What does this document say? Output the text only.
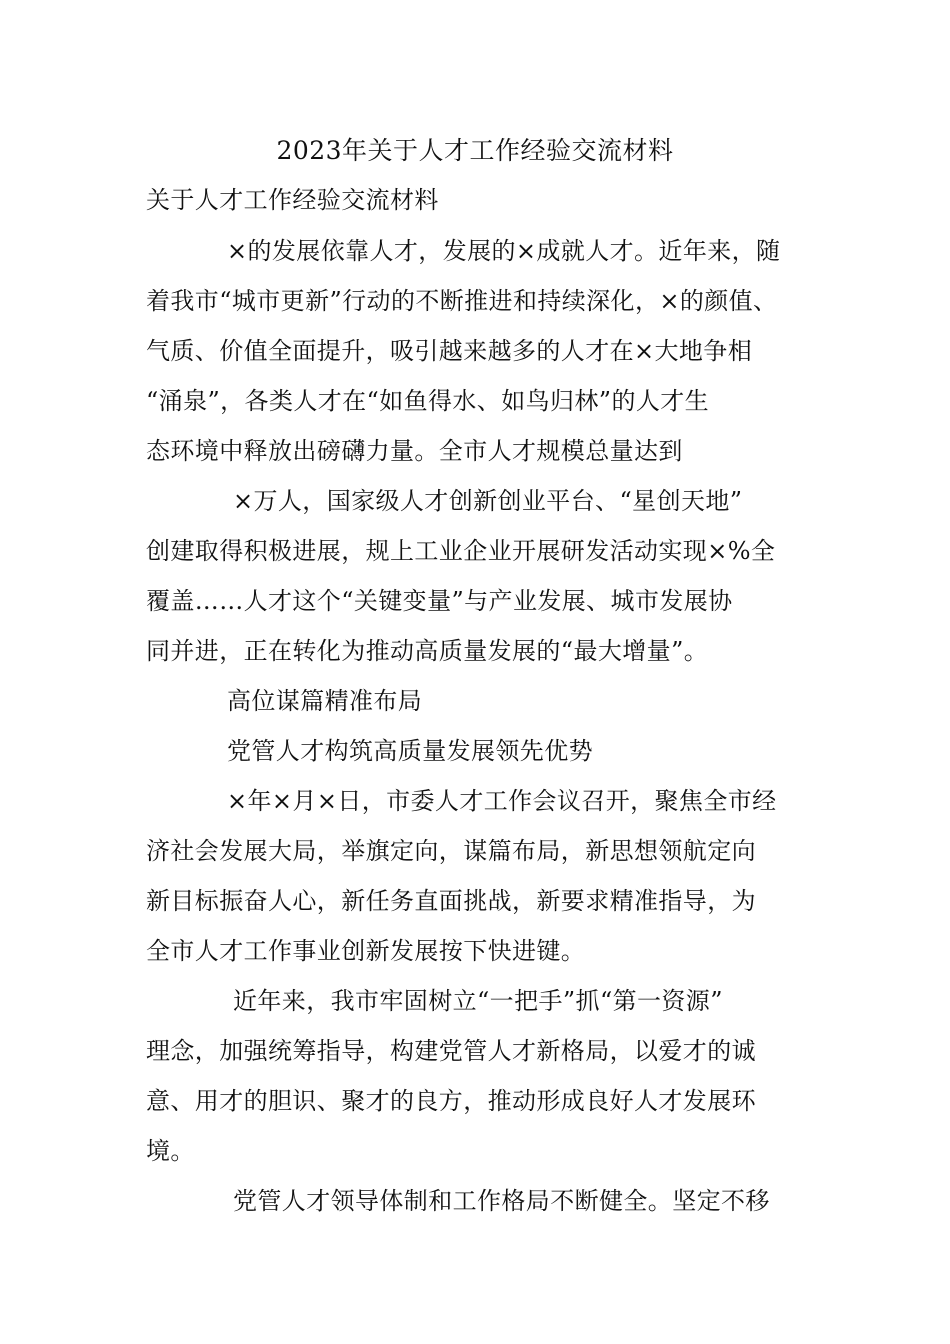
2023年关于人才工作经验交流材料
关于人才工作经验交流材料
×的发展依靠人才，发展的×成就人才。近年来，随
着我市“城市更新”行动的不断推进和持续深化，×的颜值、
气质、价值全面提升，吸引越来越多的人才在×大地争相
“涌泉”，各类人才在“如鱼得水、如鸟归林”的人才生
态环境中释放出磅礴力量。全市人才规模总量达到
×万人，国家级人才创新创业平台、“星创天地”
创建取得积极进展，规上工业企业开展研发活动实现×%全
覆盖……人才这个“关键变量”与产业发展、城市发展协
同并进，正在转化为推动高质量发展的“最大增量”。
高位谋篇精准布局
党管人才构筑高质量发展领先优势
×年×月×日，市委人才工作会议召开，聚焦全市经
济社会发展大局，举旗定向，谋篇布局，新思想领航定向
新目标振奋人心，新任务直面挑战，新要求精准指导，为
全市人才工作事业创新发展按下快进键。
近年来，我市牢固树立“一把手”抓“第一资源”
理念，加强统筹指导，构建党管人才新格局，以爱才的诚
意、用才的胆识、聚才的良方，推动形成良好人才发展环
境。
党管人才领导体制和工作格局不断健全。坚定不移
